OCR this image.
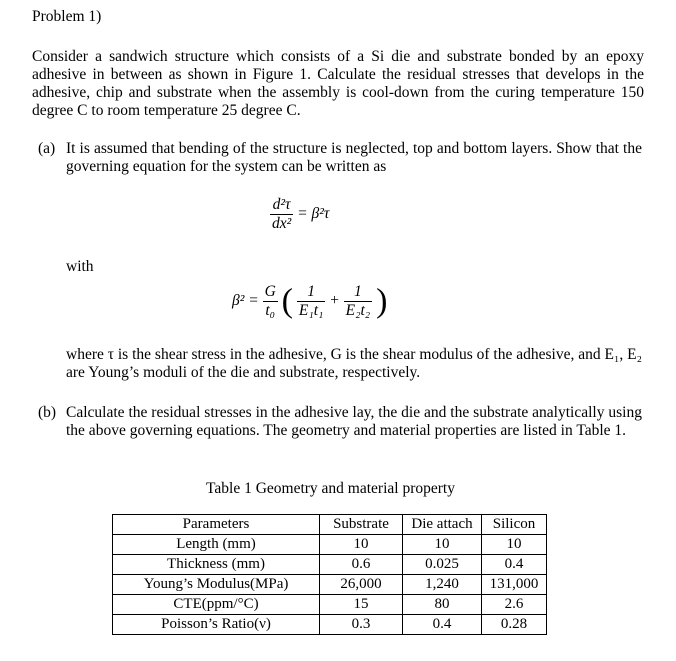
Problem 1)
Consider a sandwich structure which consists of a Si die and substrate bonded by an epoxy adhesive in between as shown in Figure 1. Calculate the residual stresses that develops in the adhesive, chip and substrate when the assembly is cool-down from the curing temperature 150 degree C to room temperature 25 degree C.
(a) It is assumed that bending of the structure is neglected, top and bottom layers. Show that the governing equation for the system can be written as
$\frac{\text{d²τ}}{\text{dx²}} = \beta^2\tau$
with
$\beta^2 = \frac{G}{\text{t₀}}$ ( $\frac{1}{\text{E₁t₁}} + \frac{1}{\text{E₂t₂}}$ )
where τ is the shear stress in the adhesive, G is the shear modulus of the adhesive, and E₁, E₂ are Young’s moduli of the die and substrate, respectively.
(b) Calculate the residual stresses in the adhesive lay, the die and the substrate analytically using the above governing equations. The geometry and material properties are listed in Table 1.
Table 1 Geometry and material property
Parameters	Substrate	Die attach	Silicon
Length (mm)	10	10	10
Thickness (mm)	0.6	0.025	0.4
Young’s Modulus(MPa)	26,000	1,240	131,000
CTE(ppm/°C)	15	80	2.6
Poisson’s Ratio(ν)	0.3	0.4	0.28
